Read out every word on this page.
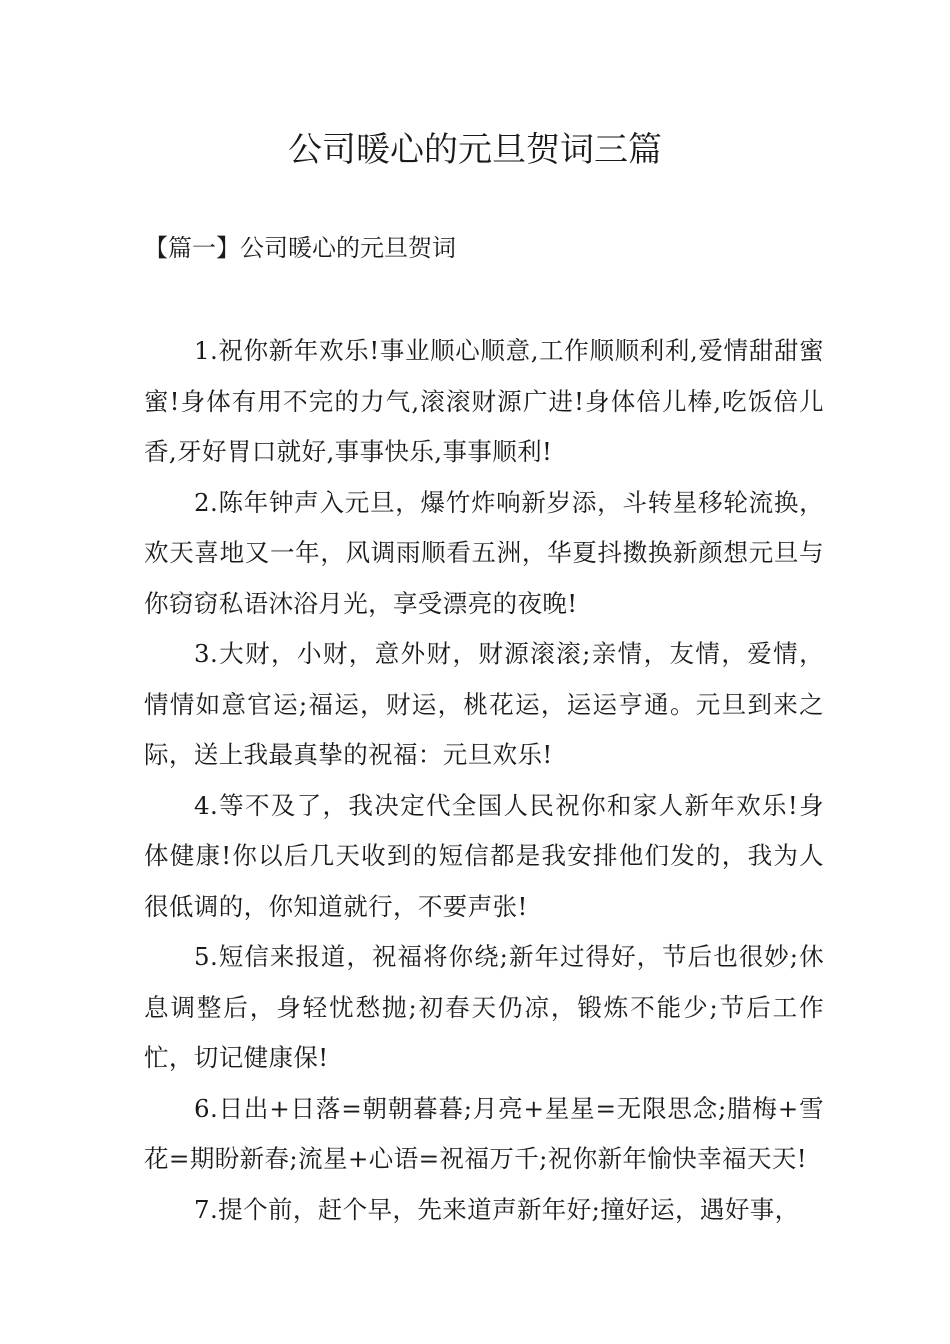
公司暖心的元旦贺词三篇
【篇一】公司暖心的元旦贺词

1.祝你新年欢乐!事业顺心顺意,工作顺顺利利,爱情甜甜蜜蜜!身体有用不完的力气,滚滚财源广进!身体倍儿棒,吃饭倍儿香,牙好胃口就好,事事快乐,事事顺利!

2.陈年钟声入元旦，爆竹炸响新岁添，斗转星移轮流换，欢天喜地又一年，风调雨顺看五洲，华夏抖擞换新颜想元旦与你窃窃私语沐浴月光，享受漂亮的夜晚!

3.大财，小财，意外财，财源滚滚;亲情，友情，爱情，情情如意官运;福运，财运，桃花运，运运亨通。元旦到来之际，送上我最真挚的祝福：元旦欢乐!

4.等不及了，我决定代全国人民祝你和家人新年欢乐!身体健康!你以后几天收到的短信都是我安排他们发的，我为人很低调的，你知道就行，不要声张!

5.短信来报道，祝福将你绕;新年过得好，节后也很妙;休息调整后，身轻忧愁抛;初春天仍凉，锻炼不能少;节后工作忙，切记健康保!

6.日出+日落=朝朝暮暮;月亮+星星=无限思念;腊梅+雪花=期盼新春;流星+心语=祝福万千;祝你新年愉快幸福天天!

7.提个前，赶个早，先来道声新年好;撞好运，遇好事，
